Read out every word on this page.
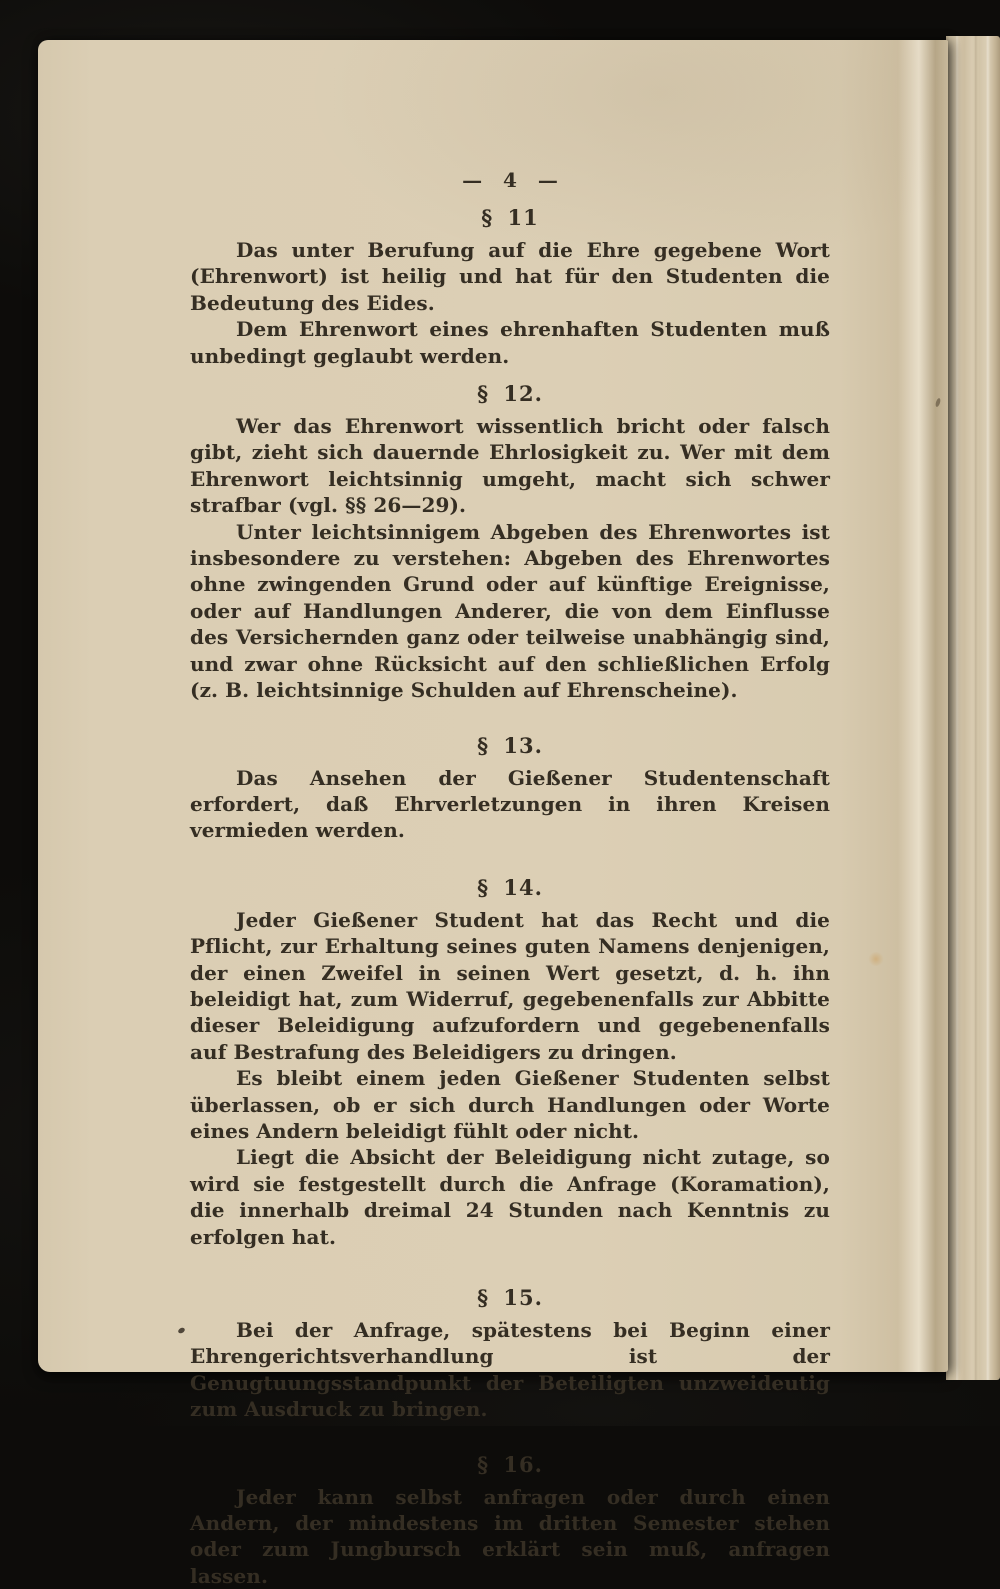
— 4 —
§ 11

Das unter Berufung auf die Ehre gegebene Wort (Ehrenwort) ist heilig und hat für den Studenten die Bedeutung des Eides.

Dem Ehrenwort eines ehrenhaften Studenten muß unbedingt geglaubt werden.

§ 12.

Wer das Ehrenwort wissentlich bricht oder falsch gibt, zieht sich dauernde Ehrlosigkeit zu. Wer mit dem Ehrenwort leichtsinnig umgeht, macht sich schwer strafbar (vgl. §§ 26—29).

Unter leichtsinnigem Abgeben des Ehrenwortes ist insbesondere zu verstehen: Abgeben des Ehrenwortes ohne zwingenden Grund oder auf künftige Ereignisse, oder auf Handlungen Anderer, die von dem Einflusse des Versichernden ganz oder teilweise unabhängig sind, und zwar ohne Rücksicht auf den schließlichen Erfolg (z. B. leichtsinnige Schulden auf Ehrenscheine).

§ 13.

Das Ansehen der Gießener Studentenschaft erfordert, daß Ehrverletzungen in ihren Kreisen vermieden werden.

§ 14.

Jeder Gießener Student hat das Recht und die Pflicht, zur Erhaltung seines guten Namens denjenigen, der einen Zweifel in seinen Wert gesetzt, d. h. ihn beleidigt hat, zum Widerruf, gegebenenfalls zur Abbitte dieser Beleidigung aufzufordern und gegebenenfalls auf Bestrafung des Beleidigers zu dringen.

Es bleibt einem jeden Gießener Studenten selbst überlassen, ob er sich durch Handlungen oder Worte eines Andern beleidigt fühlt oder nicht.

Liegt die Absicht der Beleidigung nicht zutage, so wird sie festgestellt durch die Anfrage (Koramation), die innerhalb dreimal 24 Stunden nach Kenntnis zu erfolgen hat.

§ 15.

Bei der Anfrage, spätestens bei Beginn einer Ehrengerichtsverhandlung ist der Genugtuungsstandpunkt der Beteiligten unzweideutig zum Ausdruck zu bringen.

§ 16.

Jeder kann selbst anfragen oder durch einen Andern, der mindestens im dritten Semester stehen oder zum Jungbursch erklärt sein muß, anfragen lassen.
